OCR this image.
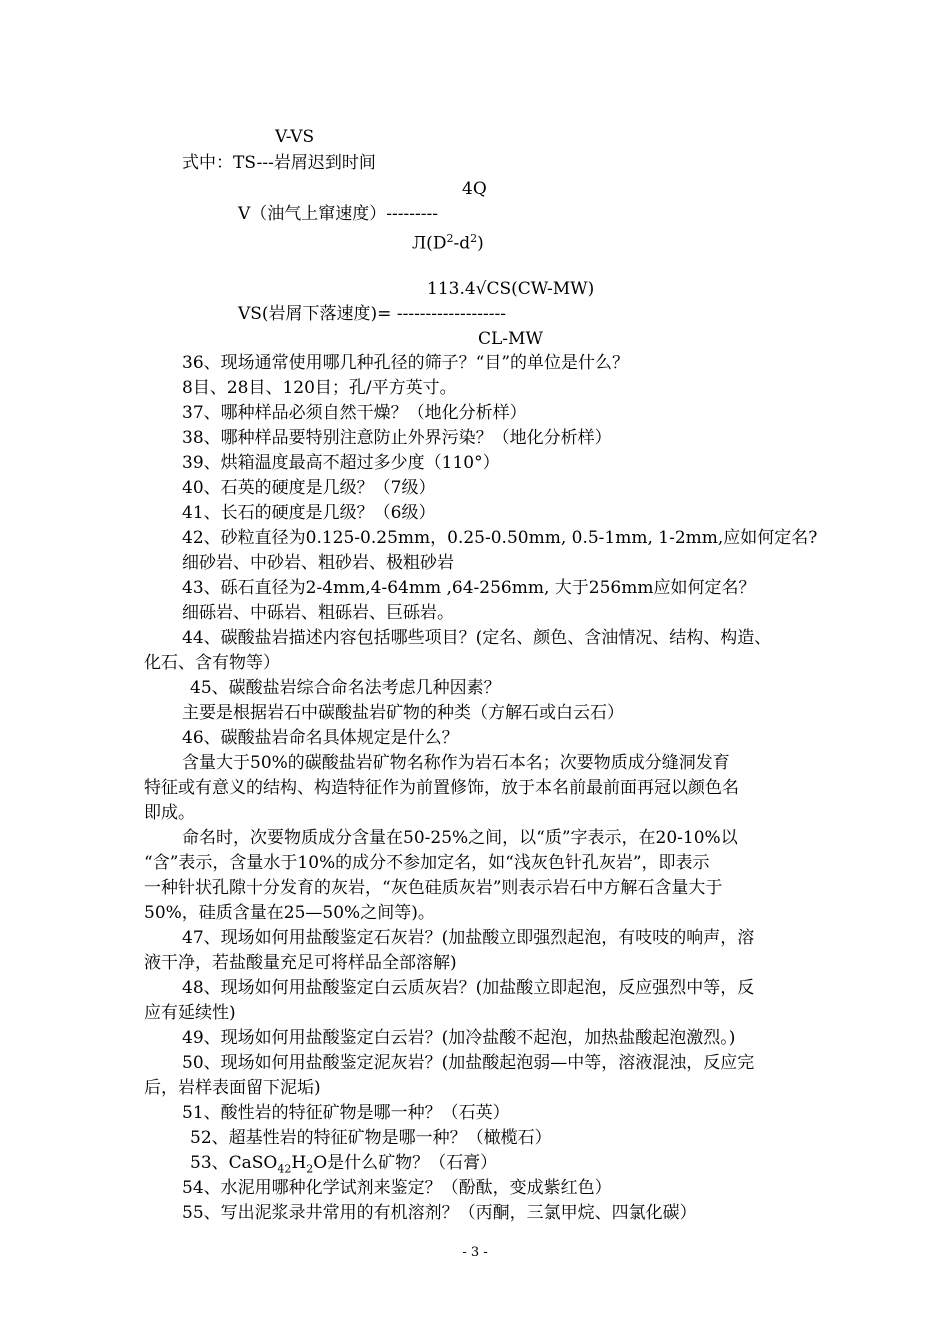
V-VS
式中：TS---岩屑迟到时间
4Q
V（油气上窜速度）---------
$Л(D^2-d^2)$
113.4√CS(CW-MW)
VS(岩屑下落速度)= -------------------
CL-MW
36、现场通常使用哪几种孔径的筛子？“目”的单位是什么？
8目、28目、120目；孔/平方英寸。
37、哪种样品必须自然干燥？（地化分析样）
38、哪种样品要特别注意防止外界污染？（地化分析样）
39、烘箱温度最高不超过多少度（110°）
40、石英的硬度是几级？（7级）
41、长石的硬度是几级？（6级）
42、砂粒直径为0.125-0.25mm，0.25-0.50mm, 0.5-1mm, 1-2mm,应如何定名?
细砂岩、中砂岩、粗砂岩、极粗砂岩
43、砾石直径为2-4mm,4-64mm ,64-256mm, 大于256mm应如何定名？
细砾岩、中砾岩、粗砾岩、巨砾岩。
44、碳酸盐岩描述内容包括哪些项目？(定名、颜色、含油情况、结构、构造、
化石、含有物等）
45、碳酸盐岩综合命名法考虑几种因素？
主要是根据岩石中碳酸盐岩矿物的种类（方解石或白云石）
46、碳酸盐岩命名具体规定是什么？
含量大于50%的碳酸盐岩矿物名称作为岩石本名；次要物质成分缝洞发育
特征或有意义的结构、构造特征作为前置修饰，放于本名前最前面再冠以颜色名
即成。
命名时，次要物质成分含量在50-25%之间，以“质”字表示，在20-10%以
“含”表示，含量水于10%的成分不参加定名，如“浅灰色针孔灰岩”，即表示
一种针状孔隙十分发育的灰岩，“灰色硅质灰岩”则表示岩石中方解石含量大于
50%，硅质含量在25—50%之间等)。
47、现场如何用盐酸鉴定石灰岩？(加盐酸立即强烈起泡，有吱吱的响声，溶
液干净，若盐酸量充足可将样品全部溶解)
48、现场如何用盐酸鉴定白云质灰岩？(加盐酸立即起泡，反应强烈中等，反
应有延续性)
49、现场如何用盐酸鉴定白云岩？(加冷盐酸不起泡，加热盐酸起泡激烈。)
50、现场如何用盐酸鉴定泥灰岩？(加盐酸起泡弱—中等，溶液混浊，反应完
后，岩样表面留下泥垢)
51、酸性岩的特征矿物是哪一种？（石英）
52、超基性岩的特征矿物是哪一种？（橄榄石）
53、$CaSO_{42}H_2O$是什么矿物？（石膏）
54、水泥用哪种化学试剂来鉴定？（酚酞，变成紫红色）
55、写出泥浆录井常用的有机溶剂？（丙酮，三氯甲烷、四氯化碳）
- 3 -
